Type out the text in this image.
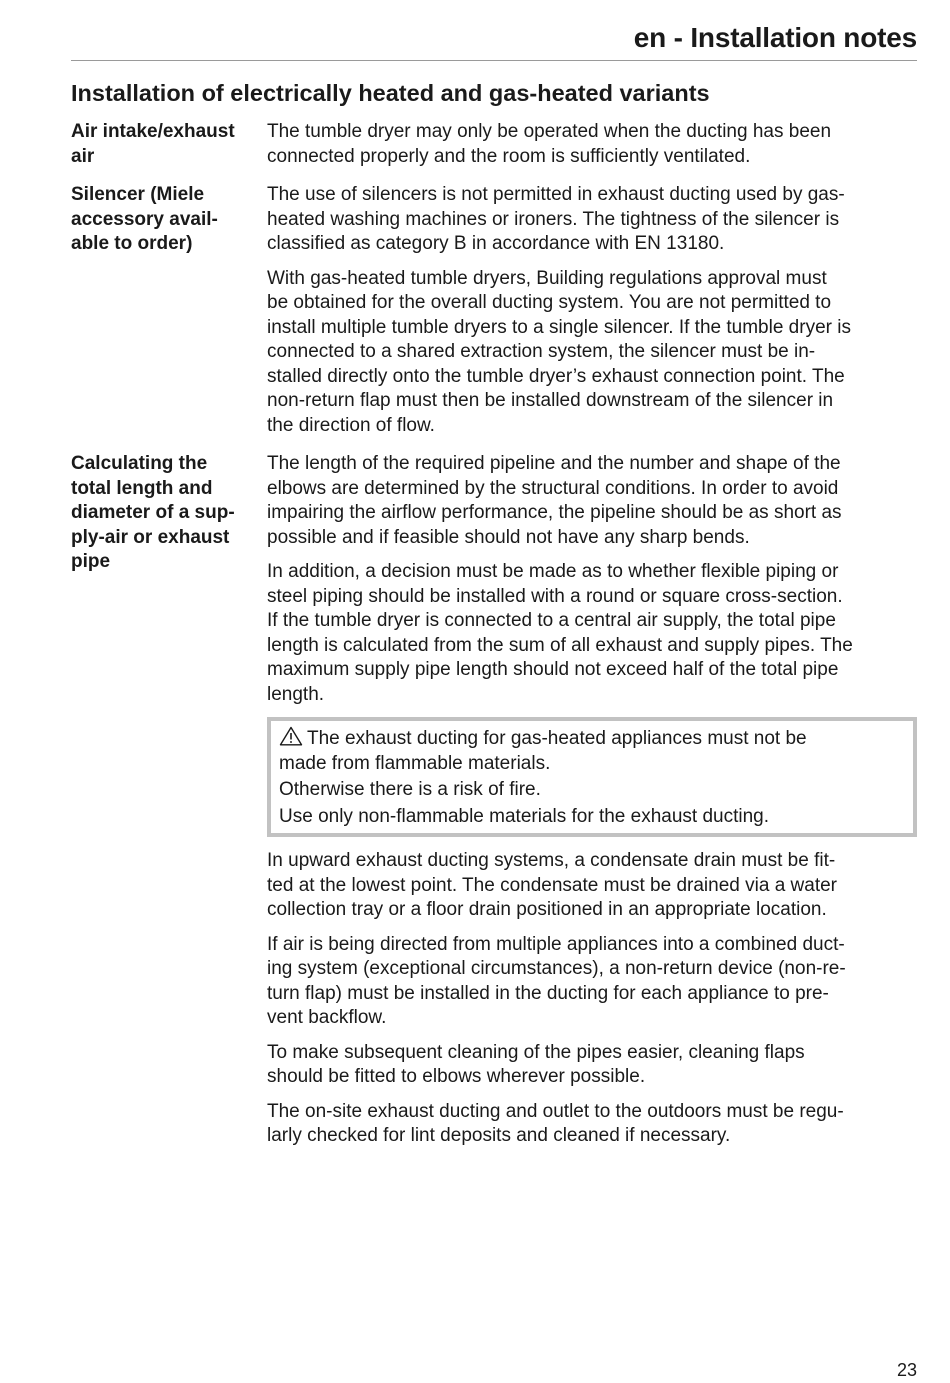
en - Installation notes
Installation of electrically heated and gas-heated variants
Air intake/exhaust
air

The tumble dryer may only be operated when the ducting has been
connected properly and the room is sufficiently ventilated.

Silencer (Miele
accessory avail-
able to order)

The use of silencers is not permitted in exhaust ducting used by gas-
heated washing machines or ironers. The tightness of the silencer is
classified as category B in accordance with EN 13180.

With gas-heated tumble dryers, Building regulations approval must
be obtained for the overall ducting system. You are not permitted to
install multiple tumble dryers to a single silencer. If the tumble dryer is
connected to a shared extraction system, the silencer must be in-
stalled directly onto the tumble dryer’s exhaust connection point. The
non-return flap must then be installed downstream of the silencer in
the direction of flow.

Calculating the
total length and
diameter of a sup-
ply-air or exhaust
pipe

The length of the required pipeline and the number and shape of the
elbows are determined by the structural conditions. In order to avoid
impairing the airflow performance, the pipeline should be as short as
possible and if feasible should not have any sharp bends.

In addition, a decision must be made as to whether flexible piping or
steel piping should be installed with a round or square cross-section.
If the tumble dryer is connected to a central air supply, the total pipe
length is calculated from the sum of all exhaust and supply pipes. The
maximum supply pipe length should not exceed half of the total pipe
length.

The exhaust ducting for gas-heated appliances must not be
made from flammable materials.
Otherwise there is a risk of fire.
Use only non-flammable materials for the exhaust ducting.

In upward exhaust ducting systems, a condensate drain must be fit-
ted at the lowest point. The condensate must be drained via a water
collection tray or a floor drain positioned in an appropriate location.

If air is being directed from multiple appliances into a combined duct-
ing system (exceptional circumstances), a non-return device (non-re-
turn flap) must be installed in the ducting for each appliance to pre-
vent backflow.

To make subsequent cleaning of the pipes easier, cleaning flaps
should be fitted to elbows wherever possible.

The on-site exhaust ducting and outlet to the outdoors must be regu-
larly checked for lint deposits and cleaned if necessary.

23
